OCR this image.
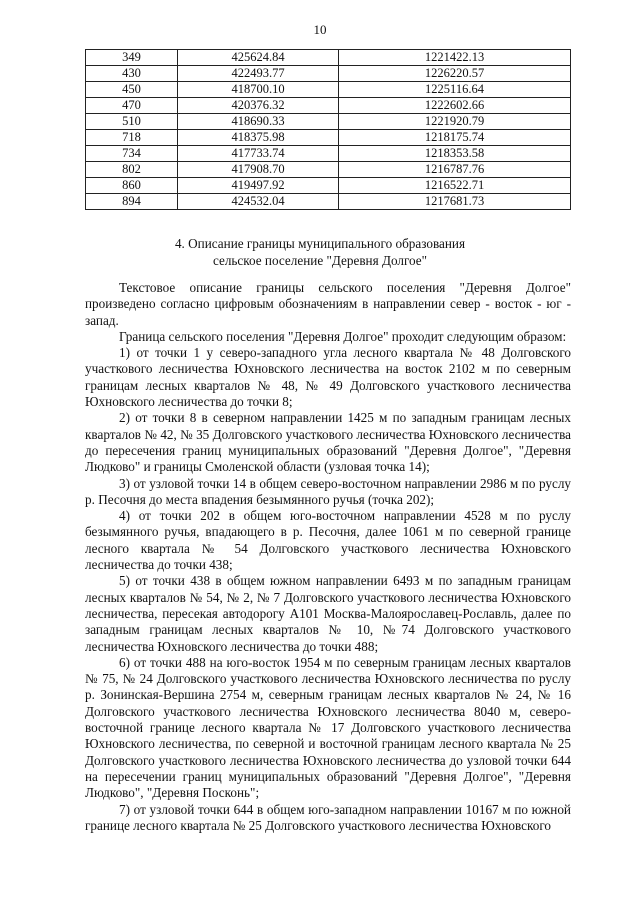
10
349	425624.84	1221422.13
430	422493.77	1226220.57
450	418700.10	1225116.64
470	420376.32	1222602.66
510	418690.33	1221920.79
718	418375.98	1218175.74
734	417733.74	1218353.58
802	417908.70	1216787.76
860	419497.92	1216522.71
894	424532.04	1217681.73
4. Описание границы муниципального образования
сельское поселение "Деревня Долгое"

Текстовое описание границы сельского поселения "Деревня Долгое" произведено согласно цифровым обозначениям в направлении север - восток - юг - запад.

Граница сельского поселения "Деревня Долгое" проходит следующим образом:

1) от точки 1 у северо-западного угла лесного квартала № 48 Долговского участкового лесничества Юхновского лесничества на восток 2102 м по северным границам лесных кварталов № 48, № 49 Долговского участкового лесничества Юхновского лесничества до точки 8;

2) от точки 8 в северном направлении 1425 м по западным границам лесных кварталов № 42, № 35 Долговского участкового лесничества Юхновского лесничества до пересечения границ муниципальных образований "Деревня Долгое", "Деревня Людково" и границы Смоленской области (узловая точка 14);

3) от узловой точки 14 в общем северо-восточном направлении 2986 м по руслу р. Песочня до места впадения безымянного ручья (точка 202);

4) от точки 202 в общем юго-восточном направлении 4528 м по руслу безымянного ручья, впадающего в р. Песочня, далее 1061 м по северной границе лесного квартала № 54 Долговского участкового лесничества Юхновского лесничества до точки 438;

5) от точки 438 в общем южном направлении 6493 м по западным границам лесных кварталов № 54, № 2, № 7 Долговского участкового лесничества Юхновского лесничества, пересекая автодорогу А101 Москва-Малоярославец-Рославль, далее по западным границам лесных кварталов № 10, №74 Долговского участкового лесничества Юхновского лесничества до точки 488;

6) от точки 488 на юго-восток 1954 м по северным границам лесных кварталов № 75, № 24 Долговского участкового лесничества Юхновского лесничества по руслу р. Зонинская-Вершина 2754 м, северным границам лесных кварталов № 24, № 16 Долговского участкового лесничества Юхновского лесничества 8040 м, северо-восточной границе лесного квартала № 17 Долговского участкового лесничества Юхновского лесничества, по северной и восточной границам лесного квартала № 25 Долговского участкового лесничества Юхновского лесничества до узловой точки 644 на пересечении границ муниципальных образований "Деревня Долгое", "Деревня Людково", "Деревня Посконь";

7) от узловой точки 644 в общем юго-западном направлении 10167 м по южной границе лесного квартала № 25 Долговского участкового лесничества Юхновского
